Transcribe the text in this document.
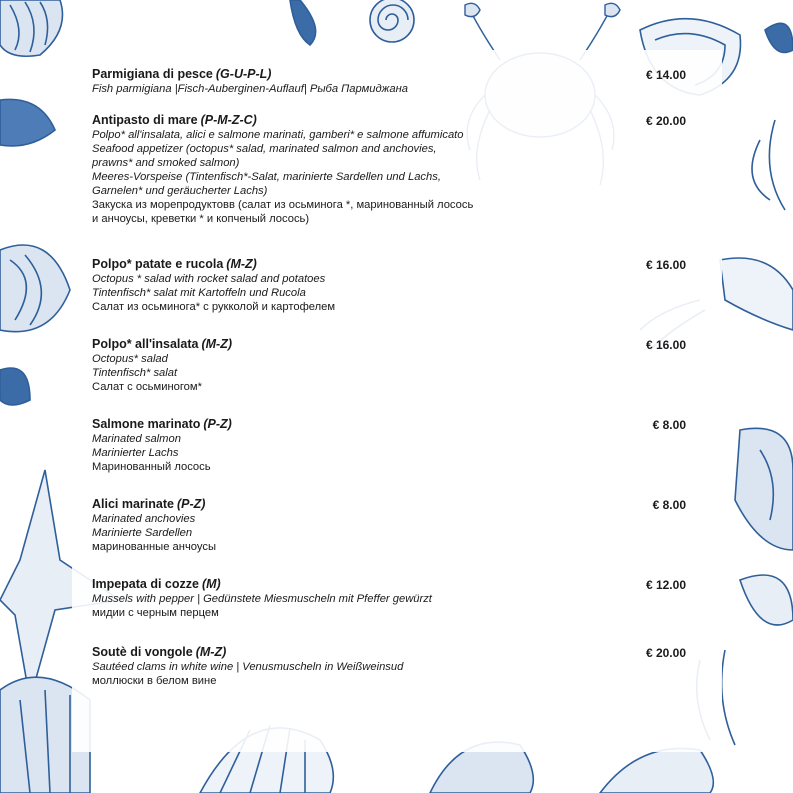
Parmigiana di pesce (G-U-P-L)
Fish parmigiana |Fisch-Auberginen-Auflauf| Рыба Пармиджана
€ 14.00
Antipasto di mare (P-M-Z-C)
Polpo* all'insalata, alici e salmone marinati, gamberi* e salmone affumicato
Seafood appetizer (octopus* salad, marinated salmon and anchovies,
prawns* and smoked salmon)
Meeres-Vorspeise (Tintenfisch*-Salat, marinierte Sardellen und Lachs,
Garnelen* und geräucherter Lachs)
Закуска из морепродуктовв (салат из осьминога *, маринованный лосось
и анчоусы, креветки * и копченый лосось)
€ 20.00
Polpo* patate e rucola (M-Z)
Octopus * salad with rocket salad and potatoes
Tintenfisch* salat mit Kartoffeln und Rucola
Салат из осьминога* с рукколой и картофелем
€ 16.00
Polpo* all'insalata (M-Z)
Octopus* salad
Tintenfisch* salat
Салат с осьминогом*
€ 16.00
Salmone marinato (P-Z)
Marinated salmon
Marinierter Lachs
Маринованный лосось
€ 8.00
Alici marinate (P-Z)
Marinated anchovies
Marinierte Sardellen
маринованные анчоусы
€ 8.00
Impepata di cozze (M)
Mussels with pepper | Gedünstete Miesmuscheln mit Pfeffer gewürzt
мидии с черным перцем
€ 12.00
Soutè di vongole (M-Z)
Sautéed clams in white wine | Venusmuscheln in Weißweinsud
моллюски в белом вине
€ 20.00
